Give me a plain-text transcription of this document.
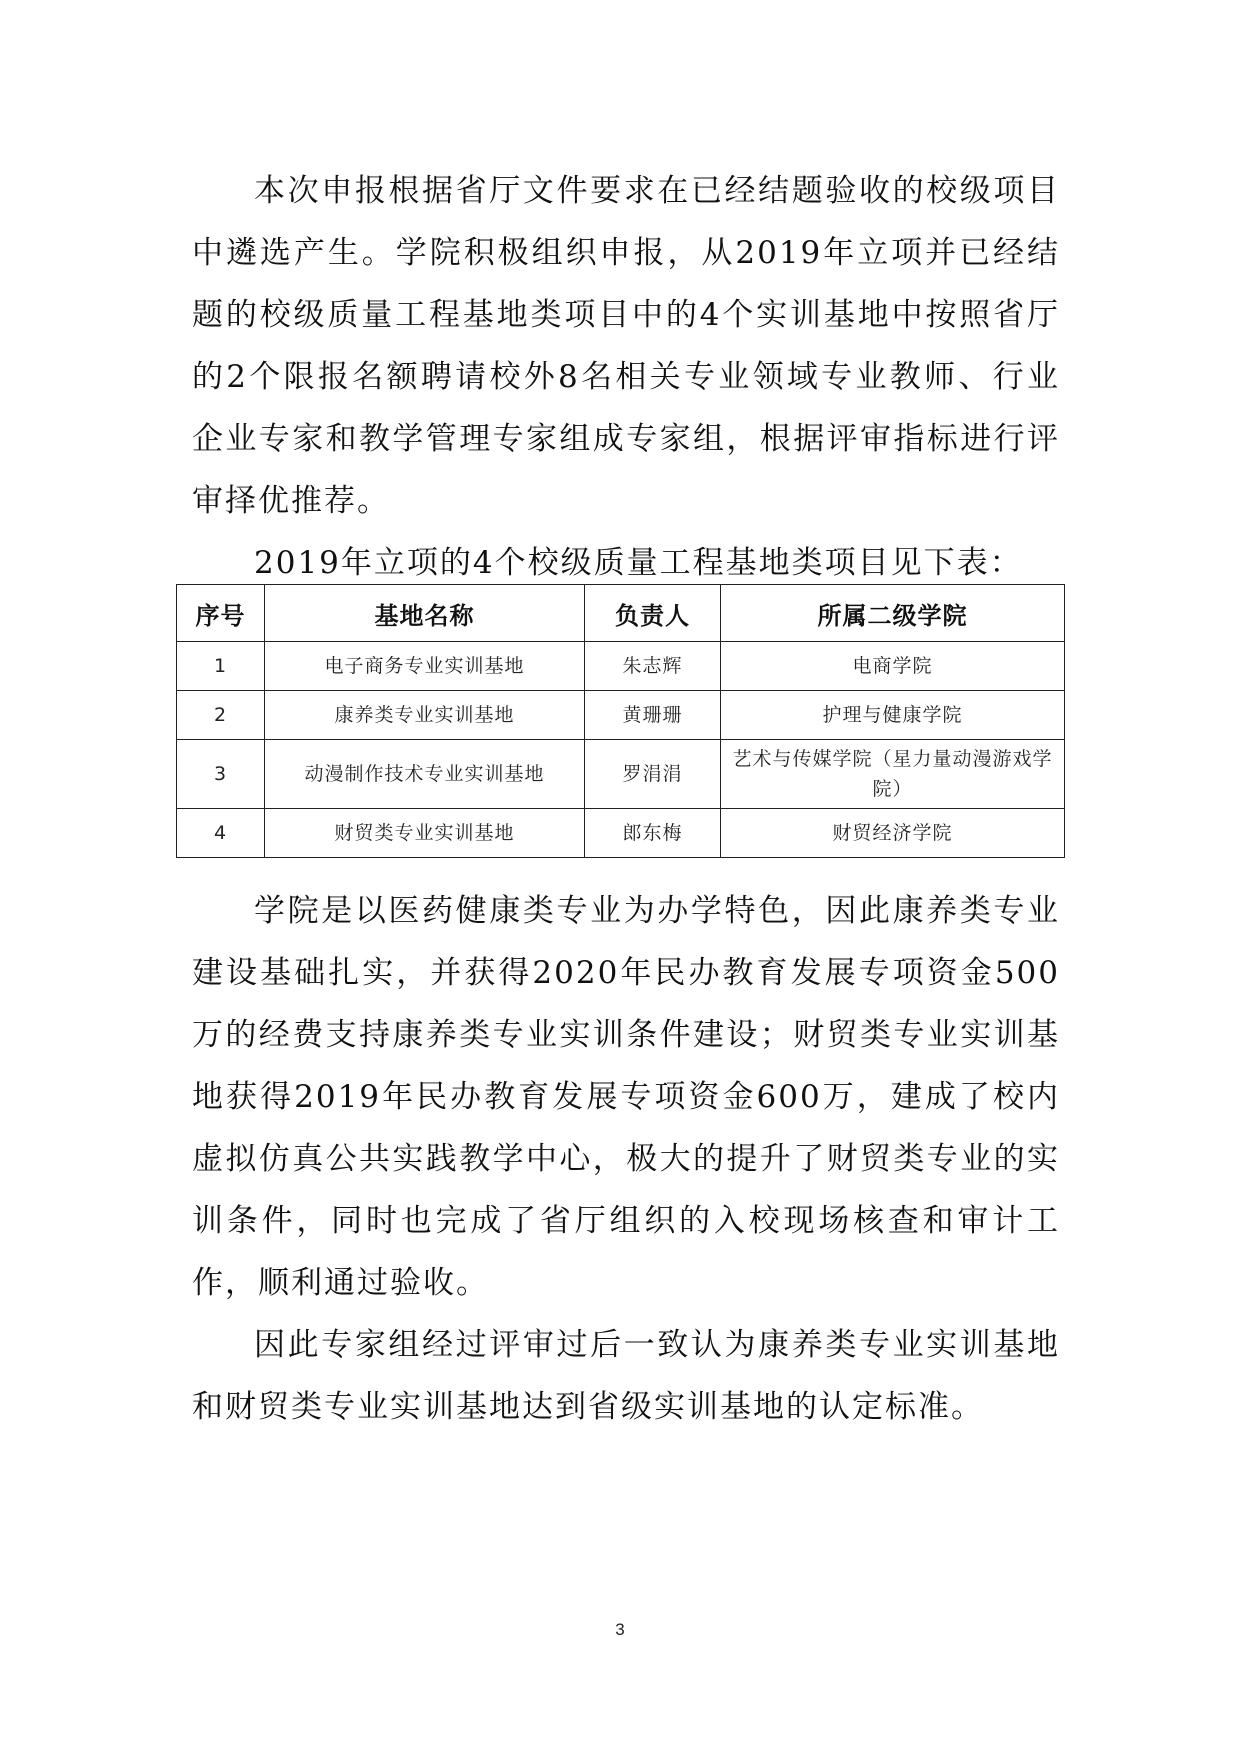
本次申报根据省厅文件要求在已经结题验收的校级项目中遴选产生。学院积极组织申报，从2019年立项并已经结题的校级质量工程基地类项目中的4个实训基地中按照省厅的2个限报名额聘请校外8名相关专业领域专业教师、行业企业专家和教学管理专家组成专家组，根据评审指标进行评审择优推荐。

2019年立项的4个校级质量工程基地类项目见下表：

序号	基地名称	负责人	所属二级学院
1	电子商务专业实训基地	朱志辉	电商学院
2	康养类专业实训基地	黄珊珊	护理与健康学院
3	动漫制作技术专业实训基地	罗涓涓	艺术与传媒学院（星力量动漫游戏学院）
4	财贸类专业实训基地	郎东梅	财贸经济学院

学院是以医药健康类专业为办学特色，因此康养类专业建设基础扎实，并获得2020年民办教育发展专项资金500万的经费支持康养类专业实训条件建设；财贸类专业实训基地获得2019年民办教育发展专项资金600万，建成了校内虚拟仿真公共实践教学中心，极大的提升了财贸类专业的实训条件，同时也完成了省厅组织的入校现场核查和审计工作，顺利通过验收。

因此专家组经过评审过后一致认为康养类专业实训基地和财贸类专业实训基地达到省级实训基地的认定标准。

3
